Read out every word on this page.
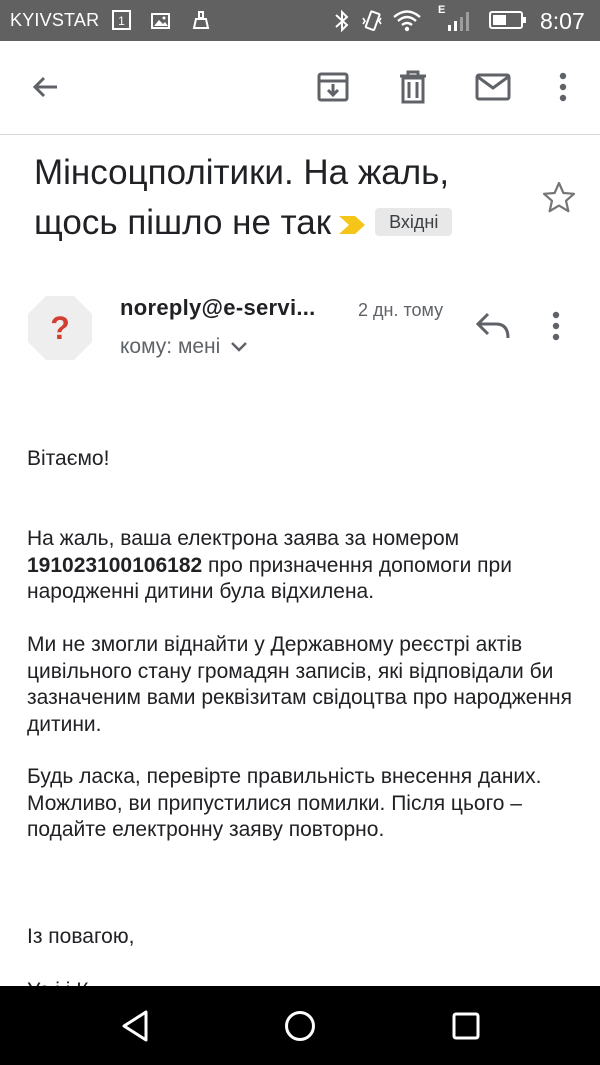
KYIVSTAR 1
E	8:07
Мінсоцполітики. На жаль, щось пішло не так	Вхідні
?
noreply@e-servi... 2 дн. тому
кому: мені

Вітаємо!

На жаль, ваша електрона заява за номером 191023100106182 про призначення допомоги при народженні дитини була відхилена.

Ми не змогли віднайти у Державному реєстрі актів цивільного стану громадян записів, які відповідали би зазначеним вами реквізитам свідоцтва про народження дитини.

Будь ласка, перевірте правильність внесення даних. Можливо, ви припустилися помилки. Після цього – подайте електронну заяву повторно.

Із повагою,
